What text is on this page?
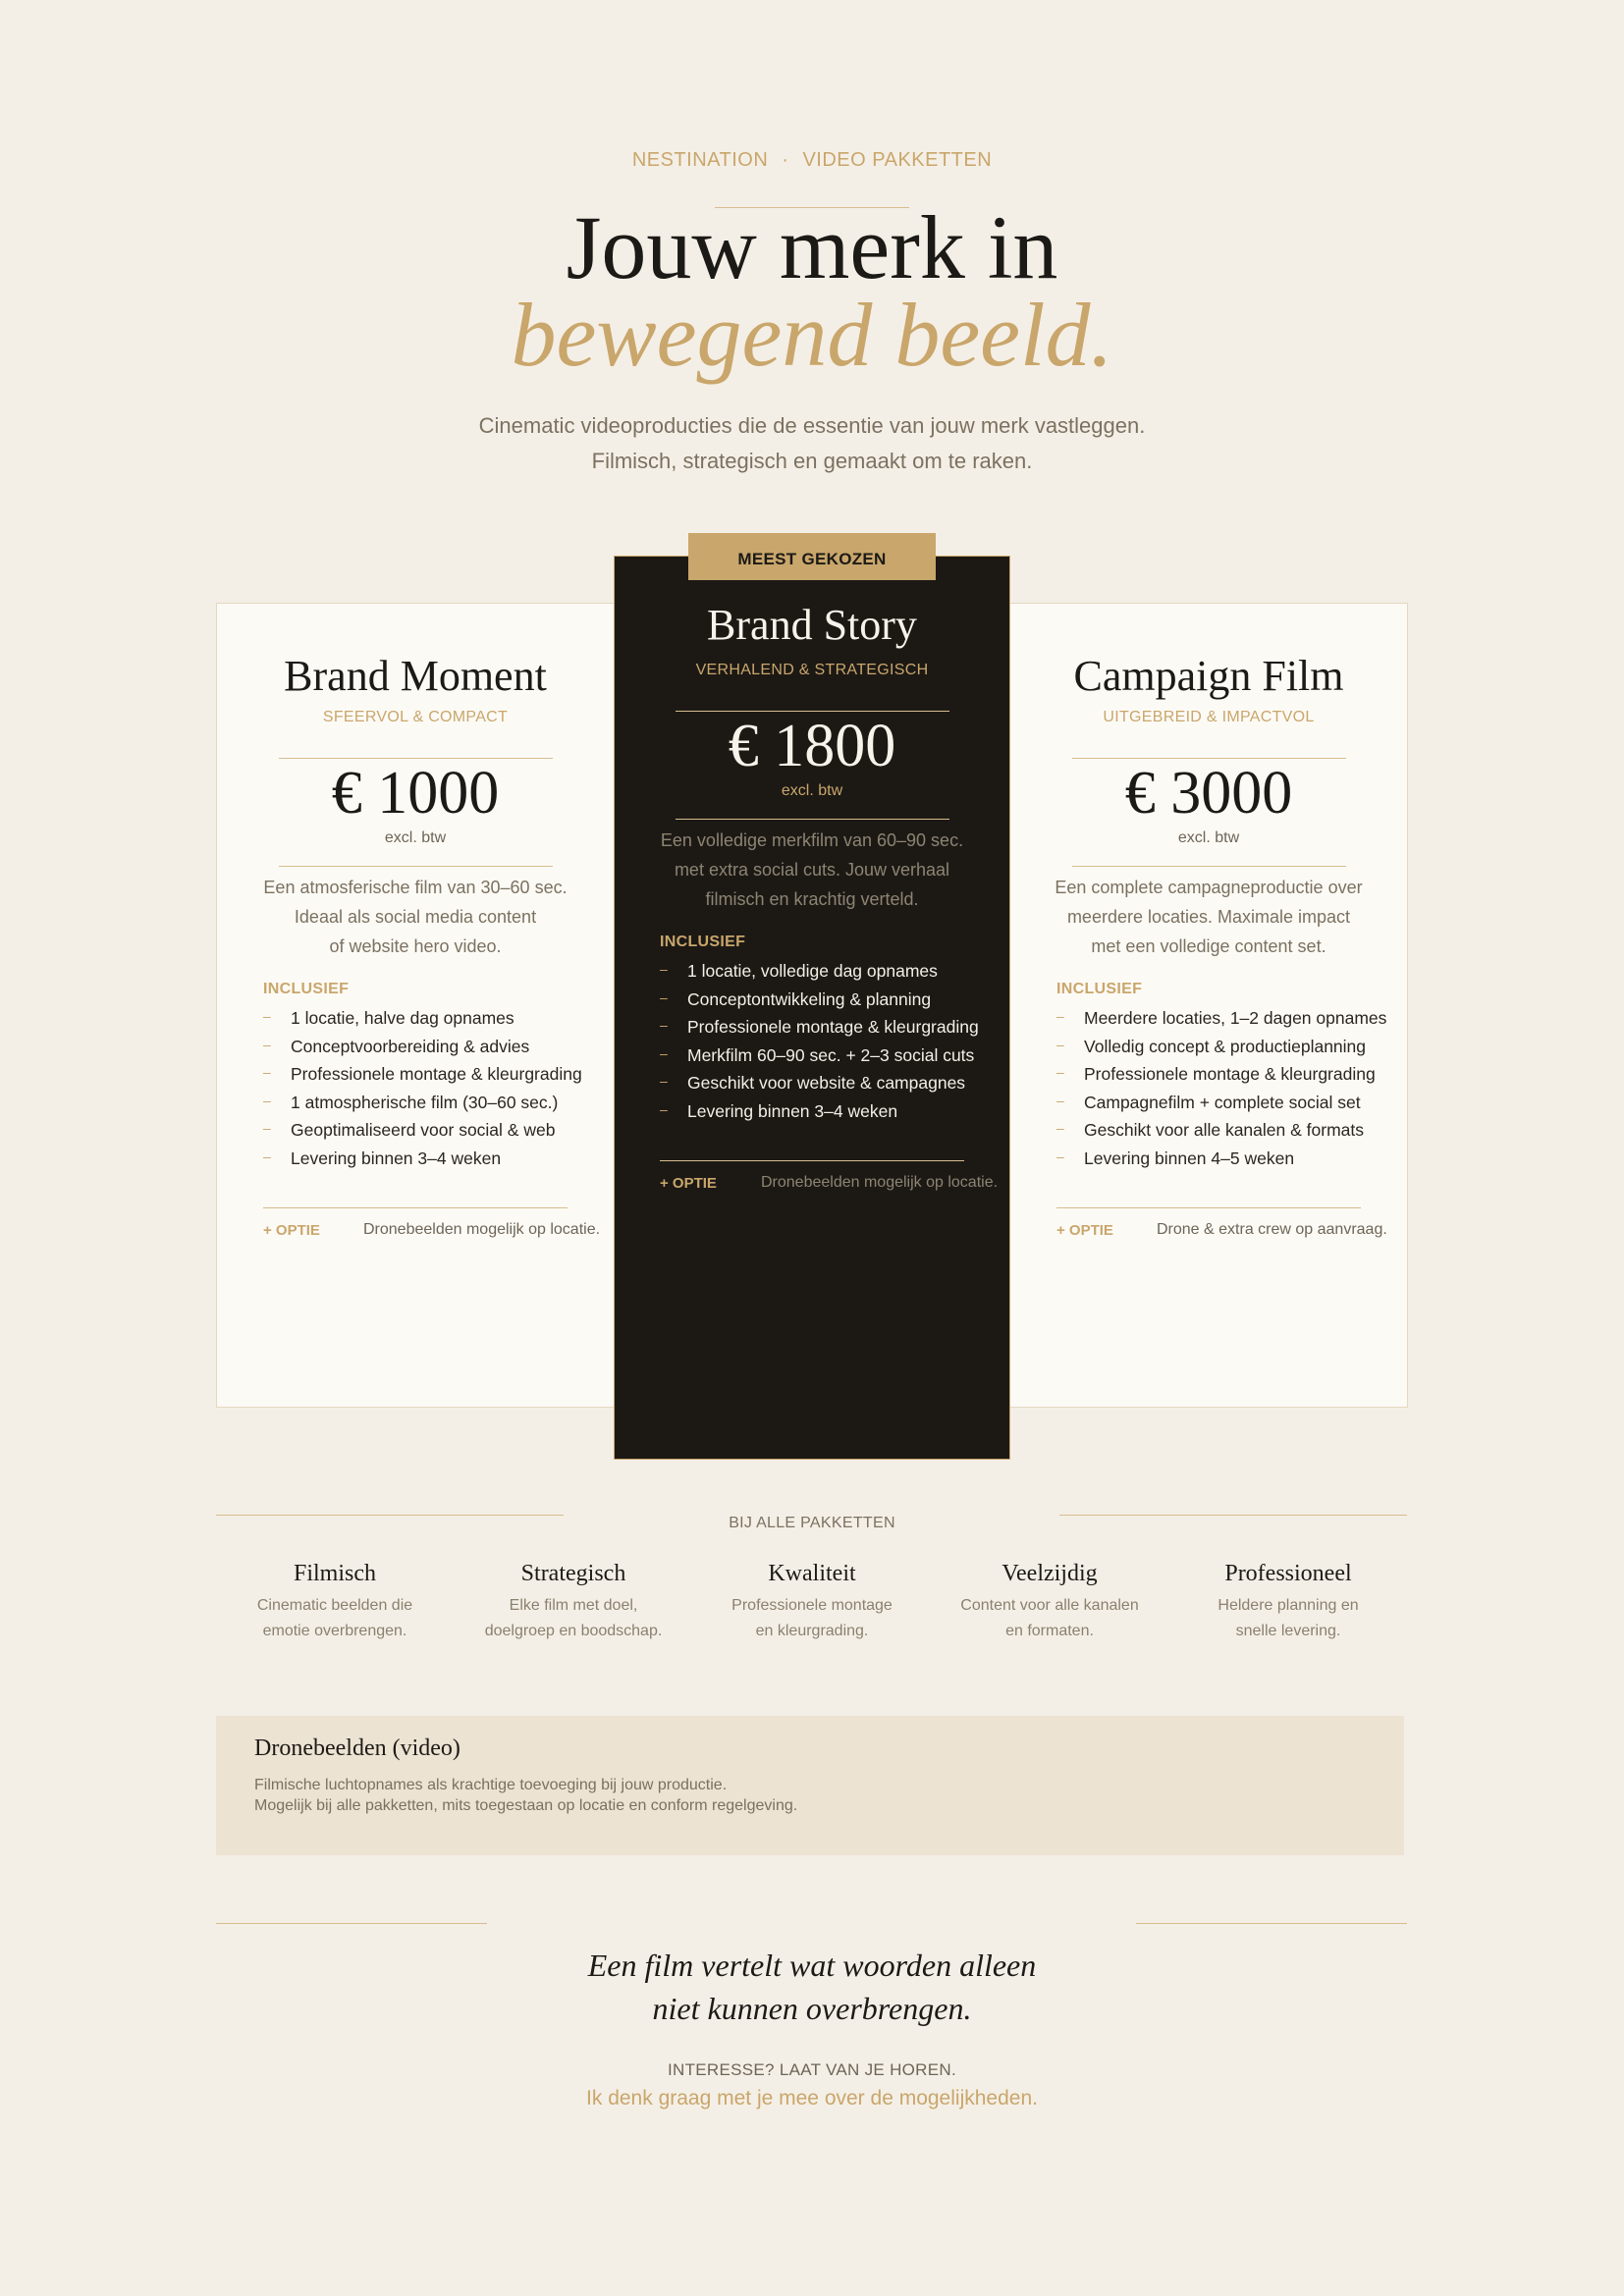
NESTINATION · VIDEO PAKKETTEN
Jouw merk in
bewegend beeld.
Cinematic videoproducties die de essentie van jouw merk vastleggen.
Filmisch, strategisch en gemaakt om te raken.
Brand Moment
SFEERVOL & COMPACT
€ 1000
excl. btw
Een atmosferische film van 30–60 sec.
Ideaal als social media content
of website hero video.
INCLUSIEF
– 1 locatie, halve dag opnames
– Conceptvoorbereiding & advies
– Professionele montage & kleurgrading
– 1 atmospherische film (30–60 sec.)
– Geoptimaliseerd voor social & web
– Levering binnen 3–4 weken
+ OPTIE	Dronebeelden mogelijk op locatie.
Campaign Film
UITGEBREID & IMPACTVOL
€ 3000
excl. btw
Een complete campagneproductie over
meerdere locaties. Maximale impact
met een volledige content set.
INCLUSIEF
– Meerdere locaties, 1–2 dagen opnames
– Volledig concept & productieplanning
– Professionele montage & kleurgrading
– Campagnefilm + complete social set
– Geschikt voor alle kanalen & formats
– Levering binnen 4–5 weken
+ OPTIE	Drone & extra crew op aanvraag.
MEEST GEKOZEN
Brand Story
VERHALEND & STRATEGISCH
€ 1800
excl. btw
Een volledige merkfilm van 60–90 sec.
met extra social cuts. Jouw verhaal
filmisch en krachtig verteld.
INCLUSIEF
– 1 locatie, volledige dag opnames
– Conceptontwikkeling & planning
– Professionele montage & kleurgrading
– Merkfilm 60–90 sec. + 2–3 social cuts
– Geschikt voor website & campagnes
– Levering binnen 3–4 weken
+ OPTIE	Dronebeelden mogelijk op locatie.
BIJ ALLE PAKKETTEN
Filmisch
Cinematic beelden die
emotie overbrengen.
Strategisch
Elke film met doel,
doelgroep en boodschap.
Kwaliteit
Professionele montage
en kleurgrading.
Veelzijdig
Content voor alle kanalen
en formaten.
Professioneel
Heldere planning en
snelle levering.
Dronebeelden (video)
Filmische luchtopnames als krachtige toevoeging bij jouw productie.
Mogelijk bij alle pakketten, mits toegestaan op locatie en conform regelgeving.
Een film vertelt wat woorden alleen
niet kunnen overbrengen.
INTERESSE? LAAT VAN JE HOREN.
Ik denk graag met je mee over de mogelijkheden.
